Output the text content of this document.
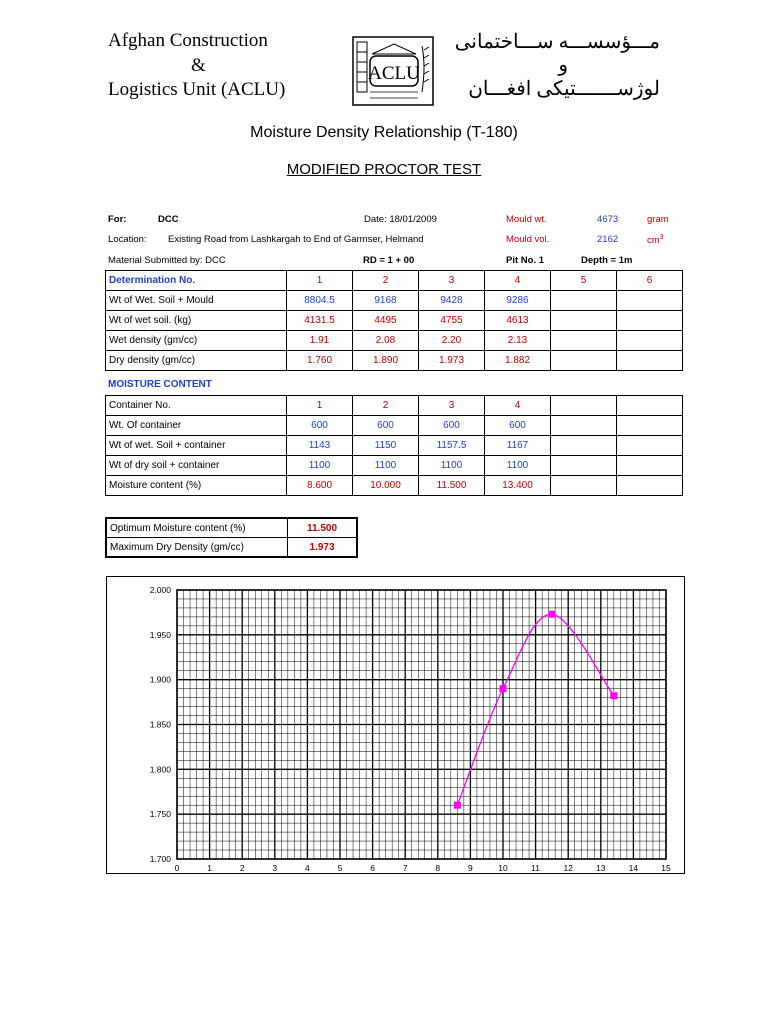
Afghan Construction
&
Logistics Unit (ACLU)
ACLU
مـــؤسســـه ســـاختمانی
و
لوژســـــــتیکی افغـــان
Moisture Density Relationship (T-180)
MODIFIED PROCTOR TEST
For:	DCC	Date: 18/01/2009	Mould wt.	4673	gram
Location: Existing Road from Lashkargah to End of Garmser, Helmand	Mould vol.	2162	$cm^3$
Material Submitted by: DCC	RD = 1 + 00	Pit No. 1	Depth = 1m
Determination No.	1	2	3	4	5	6
Wt of Wet. Soil + Mould	8804.5	9168	9428	9286		
Wt of wet soil. (kg)	4131.5	4495	4755	4613		
Wet density (gm/cc)	1.91	2.08	2.20	2.13		
Dry density (gm/cc)	1.760	1.890	1.973	1.882		
MOISTURE CONTENT
Container No.	1	2	3	4		
Wt. Of container	600	600	600	600		
Wt of wet. Soil + container	1143	1150	1157.5	1167		
Wt of dry soil + container	1100	1100	1100	1100		
Moisture content (%)	8.600	10.000	11.500	13.400		
Optimum Moisture content (%)	11.500
Maximum Dry Density (gm/cc)	1.973
1.700
1.750
1.800
1.850
1.900
1.950
2.000
0	1	2	3	4	5	6	7	8	9	10	11	12	13	14	15
